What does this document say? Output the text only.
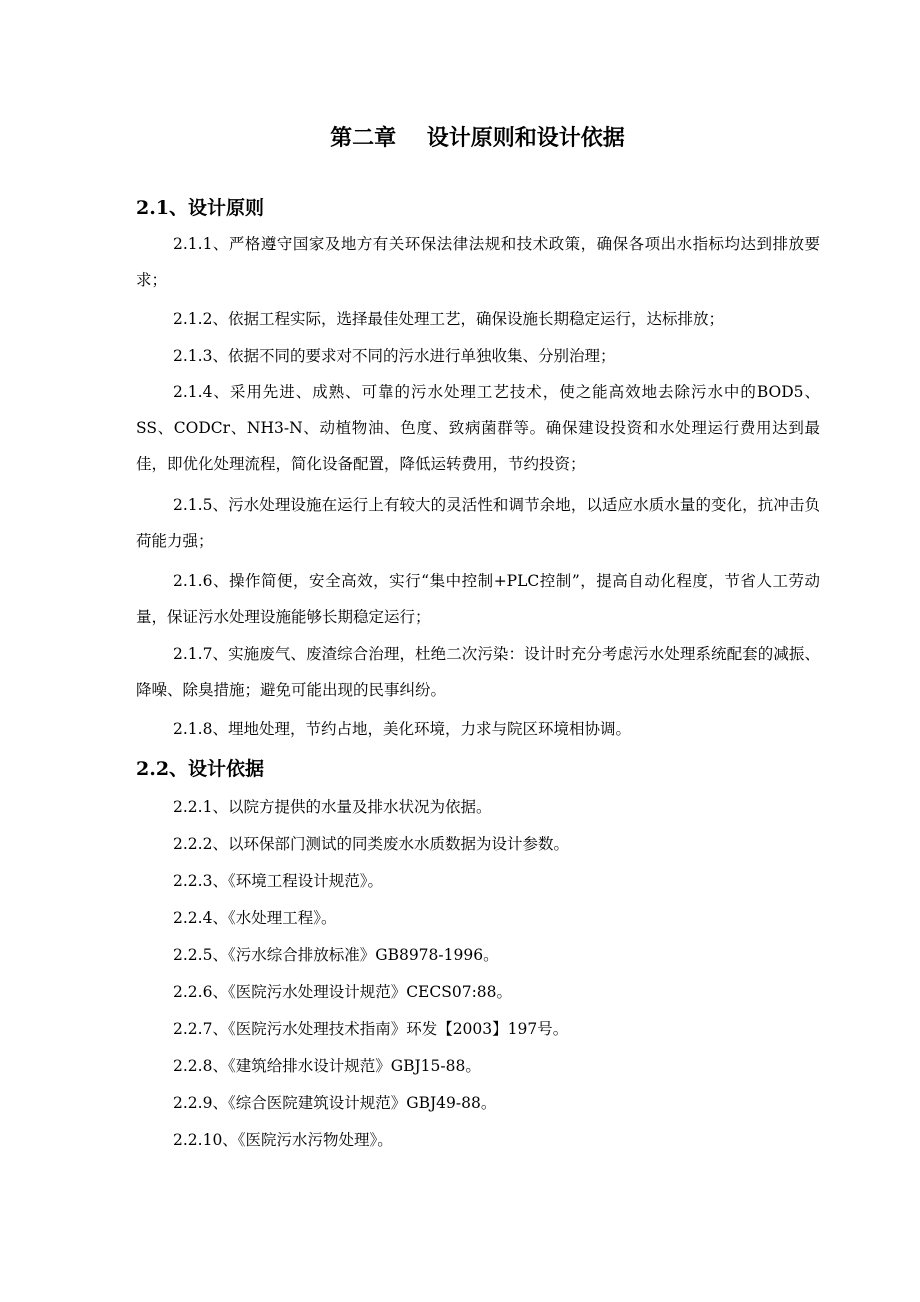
第二章    设计原则和设计依据
2.1、设计原则
2.1.1、严格遵守国家及地方有关环保法律法规和技术政策，确保各项出水指标均达到排放要求；
2.1.2、依据工程实际，选择最佳处理工艺，确保设施长期稳定运行，达标排放；
2.1.3、依据不同的要求对不同的污水进行单独收集、分别治理；
2.1.4、采用先进、成熟、可靠的污水处理工艺技术，使之能高效地去除污水中的BOD5、SS、CODCr、NH3-N、动植物油、色度、致病菌群等。确保建设投资和水处理运行费用达到最佳，即优化处理流程，简化设备配置，降低运转费用，节约投资；
2.1.5、污水处理设施在运行上有较大的灵活性和调节余地，以适应水质水量的变化，抗冲击负荷能力强；
2.1.6、操作简便，安全高效，实行“集中控制+PLC控制”，提高自动化程度，节省人工劳动量，保证污水处理设施能够长期稳定运行；
2.1.7、实施废气、废渣综合治理，杜绝二次污染：设计时充分考虑污水处理系统配套的减振、降噪、除臭措施；避免可能出现的民事纠纷。
2.1.8、埋地处理，节约占地，美化环境，力求与院区环境相协调。
2.2、设计依据
2.2.1、以院方提供的水量及排水状况为依据。
2.2.2、以环保部门测试的同类废水水质数据为设计参数。
2.2.3、《环境工程设计规范》。
2.2.4、《水处理工程》。
2.2.5、《污水综合排放标准》GB8978-1996。
2.2.6、《医院污水处理设计规范》CECS07:88。
2.2.7、《医院污水处理技术指南》环发【2003】197号。
2.2.8、《建筑给排水设计规范》GBJ15-88。
2.2.9、《综合医院建筑设计规范》GBJ49-88。
2.2.10、《医院污水污物处理》。
